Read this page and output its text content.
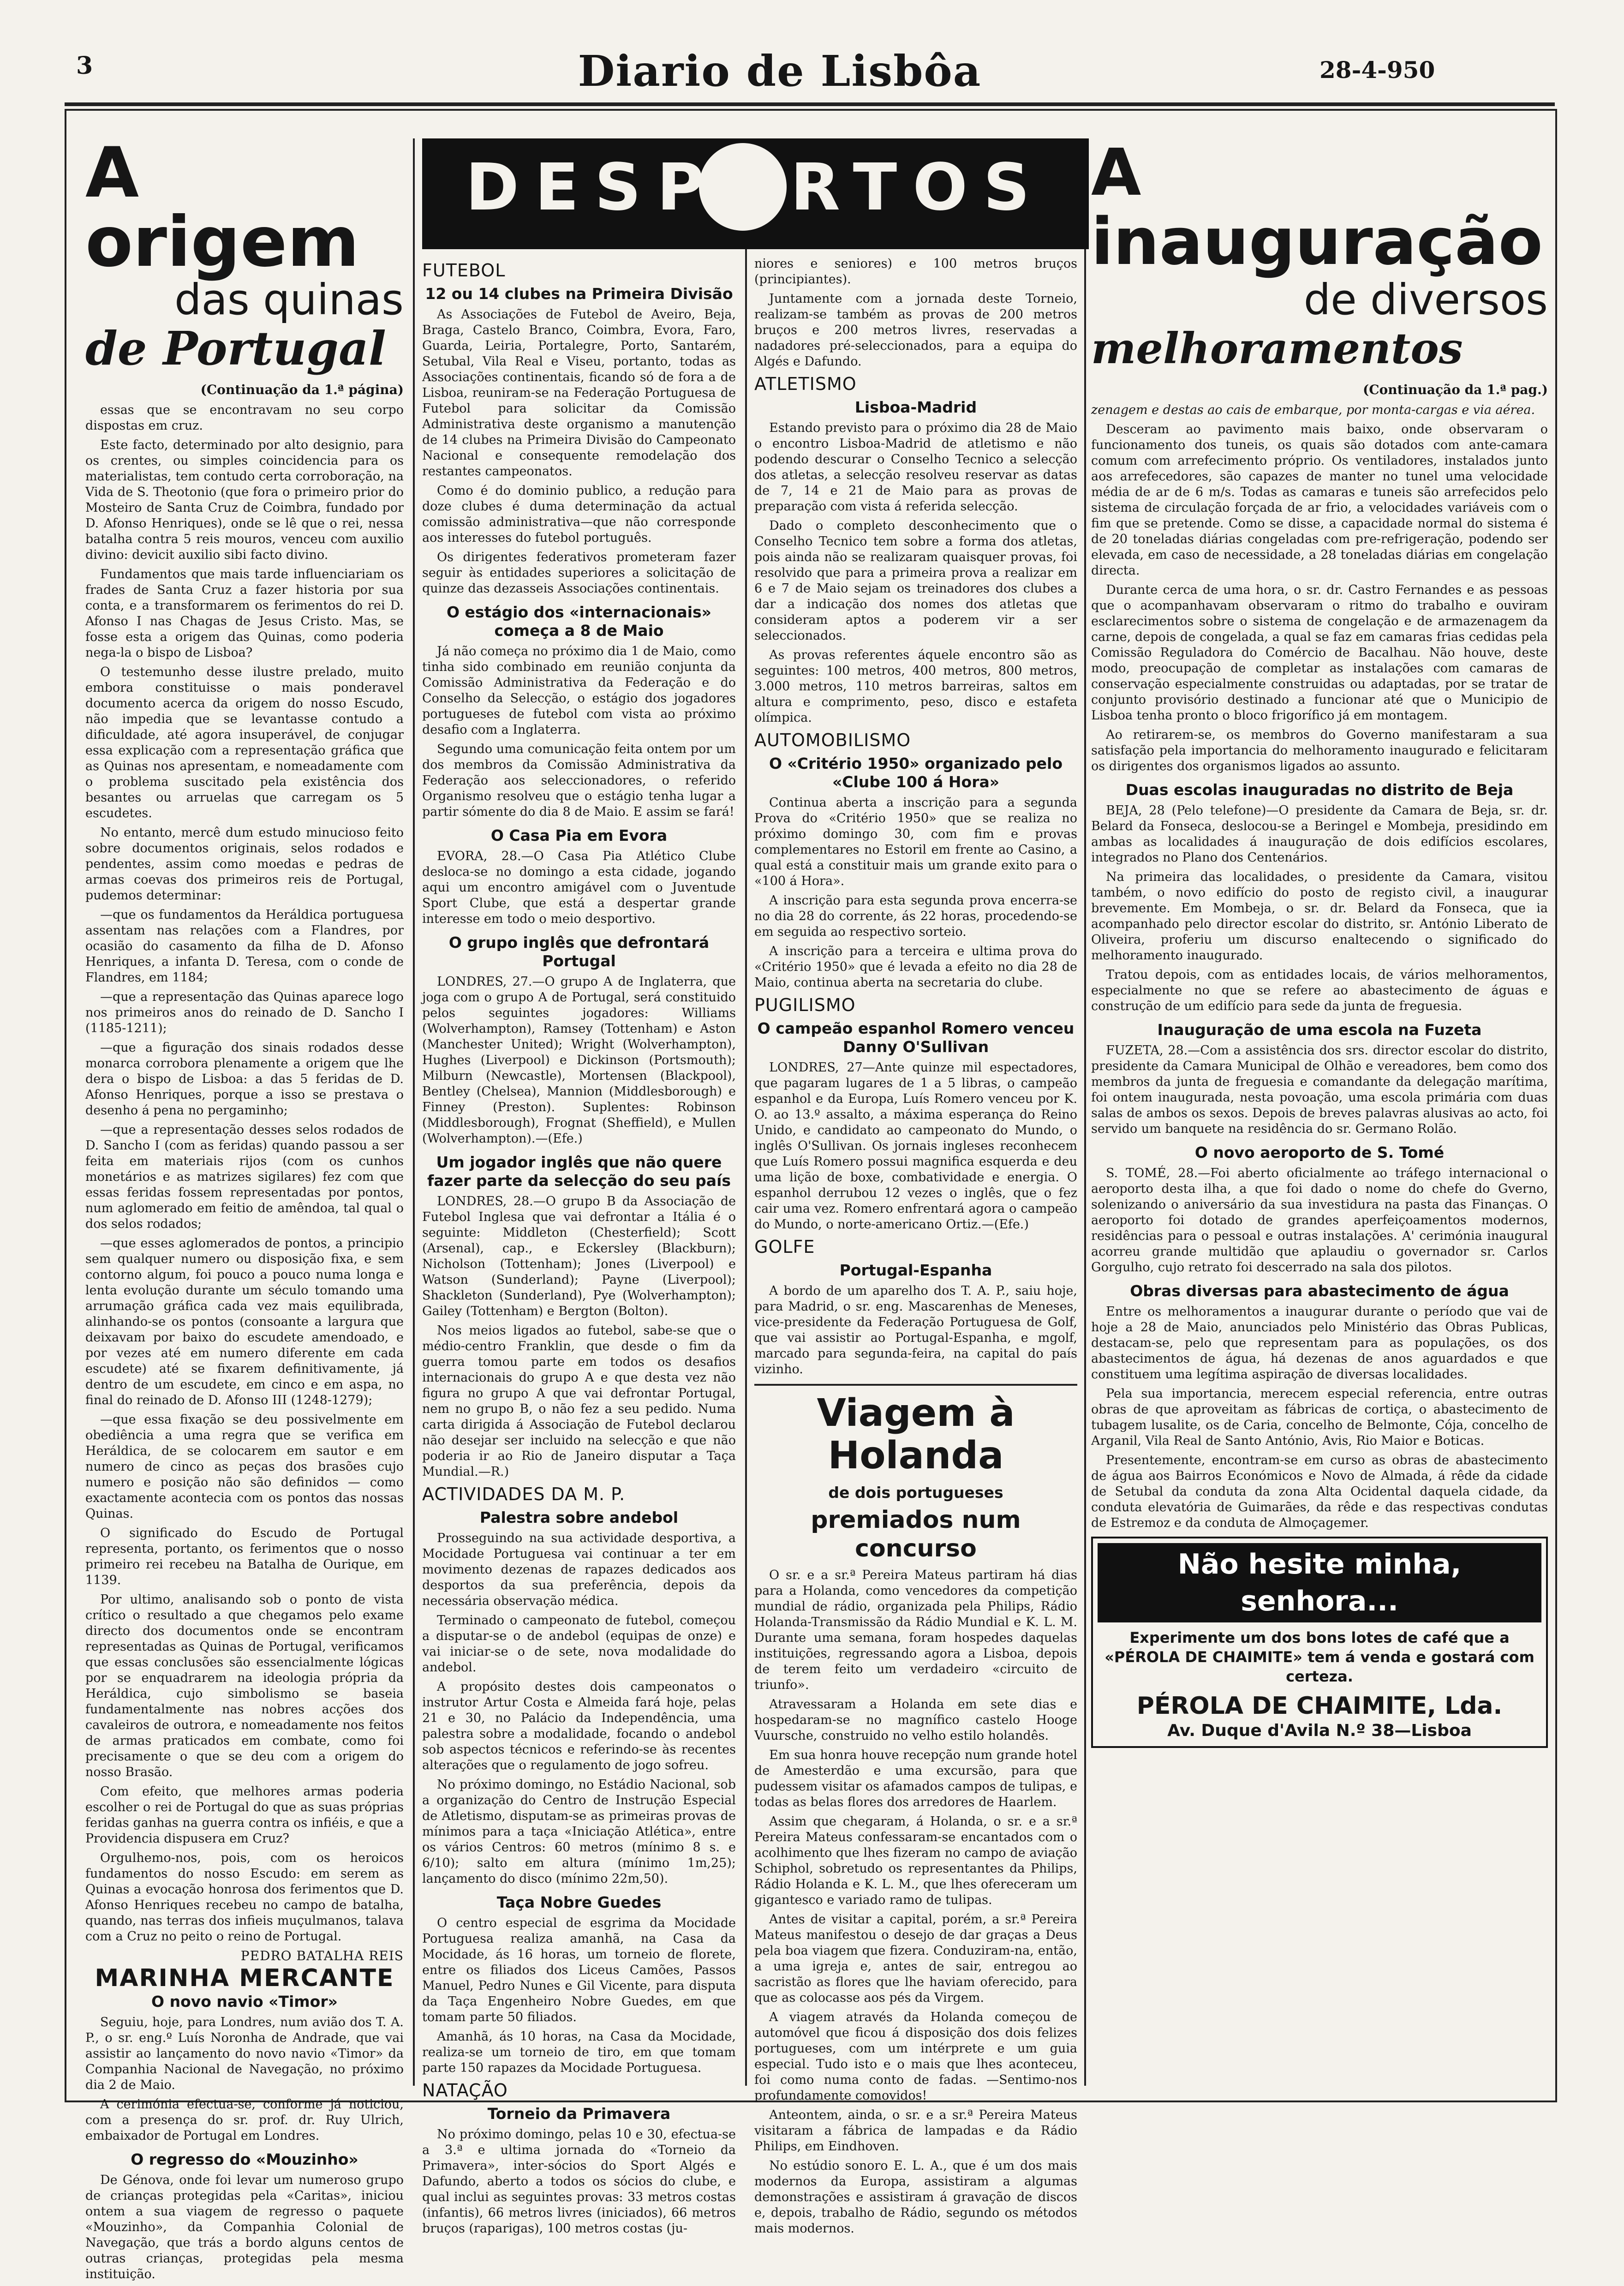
3	Diario de Lisbôa	28-4-950
A origem
das quinas
de Portugal
(Continuação da 1.ª página)

essas que se encontravam no seu corpo dispostas em cruz.

Este facto, determinado por alto designio, para os crentes, ou simples coincidencia para os materialistas, tem contudo certa corroboração, na Vida de S. Theotonio (que fora o primeiro prior do Mosteiro de Santa Cruz de Coimbra, fundado por D. Afonso Henriques), onde se lê que o rei, nessa batalha contra 5 reis mouros, venceu com auxilio divino: devicit auxilio sibi facto divino.

Fundamentos que mais tarde influenciariam os frades de Santa Cruz a fazer historia por sua conta, e a transformarem os ferimentos do rei D. Afonso I nas Chagas de Jesus Cristo. Mas, se fosse esta a origem das Quinas, como poderia nega-la o bispo de Lisboa?

O testemunho desse ilustre prelado, muito embora constituisse o mais ponderavel documento acerca da origem do nosso Escudo, não impedia que se levantasse contudo a dificuldade, até agora insuperável, de conjugar essa explicação com a representação gráfica que as Quinas nos apresentam, e nomeadamente com o problema suscitado pela existência dos besantes ou arruelas que carregam os 5 escudetes.

No entanto, mercê dum estudo minucioso feito sobre documentos originais, selos rodados e pendentes, assim como moedas e pedras de armas coevas dos primeiros reis de Portugal, pudemos determinar:

—que os fundamentos da Heráldica portuguesa assentam nas relações com a Flandres, por ocasião do casamento da filha de D. Afonso Henriques, a infanta D. Teresa, com o conde de Flandres, em 1184;

—que a representação das Quinas aparece logo nos primeiros anos do reinado de D. Sancho I (1185-1211);

—que a figuração dos sinais rodados desse monarca corrobora plenamente a origem que lhe dera o bispo de Lisboa: a das 5 feridas de D. Afonso Henriques, porque a isso se prestava o desenho á pena no pergaminho;

—que a representação desses selos rodados de D. Sancho I (com as feridas) quando passou a ser feita em materiais rijos (com os cunhos monetários e as matrizes sigilares) fez com que essas feridas fossem representadas por pontos, num aglomerado em feitio de amêndoa, tal qual o dos selos rodados;

—que esses aglomerados de pontos, a principio sem qualquer numero ou disposição fixa, e sem contorno algum, foi pouco a pouco numa longa e lenta evolução durante um século tomando uma arrumação gráfica cada vez mais equilibrada, alinhando-se os pontos (consoante a largura que deixavam por baixo do escudete amendoado, e por vezes até em numero diferente em cada escudete) até se fixarem definitivamente, já dentro de um escudete, em cinco e em aspa, no final do reinado de D. Afonso III (1248-1279);

—que essa fixação se deu possivelmente em obediência a uma regra que se verifica em Heráldica, de se colocarem em sautor e em numero de cinco as peças dos brasões cujo numero e posição não são definidos — como exactamente acontecia com os pontos das nossas Quinas.

O significado do Escudo de Portugal representa, portanto, os ferimentos que o nosso primeiro rei recebeu na Batalha de Ourique, em 1139.

Por ultimo, analisando sob o ponto de vista crítico o resultado a que chegamos pelo exame directo dos documentos onde se encontram representadas as Quinas de Portugal, verificamos que essas conclusões são essencialmente lógicas por se enquadrarem na ideologia própria da Heráldica, cujo simbolismo se baseia fundamentalmente nas nobres acções dos cavaleiros de outrora, e nomeadamente nos feitos de armas praticados em combate, como foi precisamente o que se deu com a origem do nosso Brasão.

Com efeito, que melhores armas poderia escolher o rei de Portugal do que as suas próprias feridas ganhas na guerra contra os infiéis, e que a Providencia dispusera em Cruz?

Orgulhemo-nos, pois, com os heroicos fundamentos do nosso Escudo: em serem as Quinas a evocação honrosa dos ferimentos que D. Afonso Henriques recebeu no campo de batalha, quando, nas terras dos infieis muçulmanos, talava com a Cruz no peito o reino de Portugal.

PEDRO BATALHA REIS
MARINHA MERCANTE
O novo navio «Timor»

Seguiu, hoje, para Londres, num avião dos T. A. P., o sr. eng.º Luís Noronha de Andrade, que vai assistir ao lançamento do novo navio «Timor» da Companhia Nacional de Navegação, no próximo dia 2 de Maio.

A cerimónia efectua-se, conforme já noticiou, com a presença do sr. prof. dr. Ruy Ulrich, embaixador de Portugal em Londres.

O regresso do «Mouzinho»

De Génova, onde foi levar um numeroso grupo de crianças protegidas pela «Caritas», iniciou ontem a sua viagem de regresso o paquete «Mouzinho», da Companhia Colonial de Navegação, que trás a bordo alguns centos de outras crianças, protegidas pela mesma instituição.

DESPORTOS
FUTEBOL
12 ou 14 clubes na Primeira Divisão

As Associações de Futebol de Aveiro, Beja, Braga, Castelo Branco, Coimbra, Evora, Faro, Guarda, Leiria, Portalegre, Porto, Santarém, Setubal, Vila Real e Viseu, portanto, todas as Associações continentais, ficando só de fora a de Lisboa, reuniram-se na Federação Portuguesa de Futebol para solicitar da Comissão Administrativa deste organismo a manutenção de 14 clubes na Primeira Divisão do Campeonato Nacional e consequente remodelação dos restantes campeonatos.

Como é do dominio publico, a redução para doze clubes é duma determinação da actual comissão administrativa—que não corresponde aos interesses do futebol português.

Os dirigentes federativos prometeram fazer seguir às entidades superiores a solicitação de quinze das dezasseis Associações continentais.

O estágio dos «internacionais» começa a 8 de Maio

Já não começa no próximo dia 1 de Maio, como tinha sido combinado em reunião conjunta da Comissão Administrativa da Federação e do Conselho da Selecção, o estágio dos jogadores portugueses de futebol com vista ao próximo desafio com a Inglaterra.

Segundo uma comunicação feita ontem por um dos membros da Comissão Administrativa da Federação aos seleccionadores, o referido Organismo resolveu que o estágio tenha lugar a partir sómente do dia 8 de Maio. E assim se fará!

O Casa Pia em Evora

EVORA, 28.—O Casa Pia Atlético Clube desloca-se no domingo a esta cidade, jogando aqui um encontro amigável com o Juventude Sport Clube, que está a despertar grande interesse em todo o meio desportivo.

O grupo inglês que defrontará Portugal

LONDRES, 27.—O grupo A de Inglaterra, que joga com o grupo A de Portugal, será constituido pelos seguintes jogadores: Williams (Wolverhampton), Ramsey (Tottenham) e Aston (Manchester United); Wright (Wolverhampton), Hughes (Liverpool) e Dickinson (Portsmouth); Milburn (Newcastle), Mortensen (Blackpool), Bentley (Chelsea), Mannion (Middlesborough) e Finney (Preston). Suplentes: Robinson (Middlesborough), Frognat (Sheffield), e Mullen (Wolverhampton).—(Efe.)

Um jogador inglês que não quere fazer parte da selecção do seu país

LONDRES, 28.—O grupo B da Associação de Futebol Inglesa que vai defrontar a Itália é o seguinte: Middleton (Chesterfield); Scott (Arsenal), cap., e Eckersley (Blackburn); Nicholson (Tottenham); Jones (Liverpool) e Watson (Sunderland); Payne (Liverpool); Shackleton (Sunderland), Pye (Wolverhampton); Gailey (Tottenham) e Bergton (Bolton).

Nos meios ligados ao futebol, sabe-se que o médio-centro Franklin, que desde o fim da guerra tomou parte em todos os desafios internacionais do grupo A e que desta vez não figura no grupo A que vai defrontar Portugal, nem no grupo B, o não fez a seu pedido. Numa carta dirigida á Associação de Futebol declarou não desejar ser incluido na selecção e que não poderia ir ao Rio de Janeiro disputar a Taça Mundial.—R.)

ACTIVIDADES DA M. P.
Palestra sobre andebol

Prosseguindo na sua actividade desportiva, a Mocidade Portuguesa vai continuar a ter em movimento dezenas de rapazes dedicados aos desportos da sua preferência, depois da necessária observação médica.

Terminado o campeonato de futebol, começou a disputar-se o de andebol (equipas de onze) e vai iniciar-se o de sete, nova modalidade do andebol.

A propósito destes dois campeonatos o instrutor Artur Costa e Almeida fará hoje, pelas 21 e 30, no Palácio da Independência, uma palestra sobre a modalidade, focando o andebol sob aspectos técnicos e referindo-se às recentes alterações que o regulamento de jogo sofreu.

No próximo domingo, no Estádio Nacional, sob a organização do Centro de Instrução Especial de Atletismo, disputam-se as primeiras provas de mínimos para a taça «Iniciação Atlética», entre os vários Centros: 60 metros (mínimo 8 s. e 6/10); salto em altura (mínimo 1m,25); lançamento do disco (mínimo 22m,50).

Taça Nobre Guedes

O centro especial de esgrima da Mocidade Portuguesa realiza amanhã, na Casa da Mocidade, ás 16 horas, um torneio de florete, entre os filiados dos Liceus Camões, Passos Manuel, Pedro Nunes e Gil Vicente, para disputa da Taça Engenheiro Nobre Guedes, em que tomam parte 50 filiados.

Amanhã, ás 10 horas, na Casa da Mocidade, realiza-se um torneio de tiro, em que tomam parte 150 rapazes da Mocidade Portuguesa.

NATAÇÃO
Torneio da Primavera

No próximo domingo, pelas 10 e 30, efectua-se a 3.ª e ultima jornada do «Torneio da Primavera», inter-sócios do Sport Algés e Dafundo, aberto a todos os sócios do clube, e qual inclui as seguintes provas: 33 metros costas (infantis), 66 metros livres (iniciados), 66 metros bruços (raparigas), 100 metros costas (ju-

niores e seniores) e 100 metros bruços (principiantes).

Juntamente com a jornada deste Torneio, realizam-se também as provas de 200 metros bruços e 200 metros livres, reservadas a nadadores pré-seleccionados, para a equipa do Algés e Dafundo.

ATLETISMO
Lisboa-Madrid

Estando previsto para o próximo dia 28 de Maio o encontro Lisboa-Madrid de atletismo e não podendo descurar o Conselho Tecnico a selecção dos atletas, a selecção resolveu reservar as datas de 7, 14 e 21 de Maio para as provas de preparação com vista á referida selecção.

Dado o completo desconhecimento que o Conselho Tecnico tem sobre a forma dos atletas, pois ainda não se realizaram quaisquer provas, foi resolvido que para a primeira prova a realizar em 6 e 7 de Maio sejam os treinadores dos clubes a dar a indicação dos nomes dos atletas que consideram aptos a poderem vir a ser seleccionados.

As provas referentes áquele encontro são as seguintes: 100 metros, 400 metros, 800 metros, 3.000 metros, 110 metros barreiras, saltos em altura e comprimento, peso, disco e estafeta olímpica.

AUTOMOBILISMO
O «Critério 1950» organizado pelo «Clube 100 á Hora»

Continua aberta a inscrição para a segunda Prova do «Critério 1950» que se realiza no próximo domingo 30, com fim e provas complementares no Estoril em frente ao Casino, a qual está a constituir mais um grande exito para o «100 á Hora».

A inscrição para esta segunda prova encerra-se no dia 28 do corrente, ás 22 horas, procedendo-se em seguida ao respectivo sorteio.

A inscrição para a terceira e ultima prova do «Critério 1950» que é levada a efeito no dia 28 de Maio, continua aberta na secretaria do clube.

PUGILISMO
O campeão espanhol Romero venceu Danny O'Sullivan

LONDRES, 27—Ante quinze mil espectadores, que pagaram lugares de 1 a 5 libras, o campeão espanhol e da Europa, Luís Romero venceu por K. O. ao 13.º assalto, a máxima esperança do Reino Unido, e candidato ao campeonato do Mundo, o inglês O'Sullivan. Os jornais ingleses reconhecem que Luís Romero possui magnifica esquerda e deu uma lição de boxe, combatividade e energia. O espanhol derrubou 12 vezes o inglês, que o fez cair uma vez. Romero enfrentará agora o campeão do Mundo, o norte-americano Ortiz.—(Efe.)

GOLFE
Portugal-Espanha

A bordo de um aparelho dos T. A. P., saiu hoje, para Madrid, o sr. eng. Mascarenhas de Meneses, vice-presidente da Federação Portuguesa de Golf, que vai assistir ao Portugal-Espanha, e mgolf, marcado para segunda-feira, na capital do país vizinho.

Viagem à Holanda
de dois portugueses
premiados num concurso

O sr. e a sr.ª Pereira Mateus partiram há dias para a Holanda, como vencedores da competição mundial de rádio, organizada pela Philips, Rádio Holanda-Transmissão da Rádio Mundial e K. L. M. Durante uma semana, foram hospedes daquelas instituições, regressando agora a Lisboa, depois de terem feito um verdadeiro «circuito de triunfo».

Atravessaram a Holanda em sete dias e hospedaram-se no magnífico castelo Hooge Vuursche, construido no velho estilo holandês.

Em sua honra houve recepção num grande hotel de Amesterdão e uma excursão, para que pudessem visitar os afamados campos de tulipas, e todas as belas flores dos arredores de Haarlem.

Assim que chegaram, á Holanda, o sr. e a sr.ª Pereira Mateus confessaram-se encantados com o acolhimento que lhes fizeram no campo de aviação Schiphol, sobretudo os representantes da Philips, Rádio Holanda e K. L. M., que lhes ofereceram um gigantesco e variado ramo de tulipas.

Antes de visitar a capital, porém, a sr.ª Pereira Mateus manifestou o desejo de dar graças a Deus pela boa viagem que fizera. Conduziram-na, então, a uma igreja e, antes de sair, entregou ao sacristão as flores que lhe haviam oferecido, para que as colocasse aos pés da Virgem.

A viagem através da Holanda começou de automóvel que ficou á disposição dos dois felizes portugueses, com um intérprete e um guia especial. Tudo isto e o mais que lhes aconteceu, foi como numa conto de fadas. —Sentimo-nos profundamente comovidos!

Anteontem, ainda, o sr. e a sr.ª Pereira Mateus visitaram a fábrica de lampadas e da Rádio Philips, em Eindhoven.

No estúdio sonoro E. L. A., que é um dos mais modernos da Europa, assistiram a algumas demonstrações e assistiram á gravação de discos e, depois, trabalho de Rádio, segundo os métodos mais modernos.

A inauguração
de diversos
melhoramentos
(Continuação da 1.ª pag.)

zenagem e destas ao cais de embarque, por monta-cargas e via aérea.

Desceram ao pavimento mais baixo, onde observaram o funcionamento dos tuneis, os quais são dotados com ante-camara comum com arrefecimento próprio. Os ventiladores, instalados junto aos arrefecedores, são capazes de manter no tunel uma velocidade média de ar de 6 m/s. Todas as camaras e tuneis são arrefecidos pelo sistema de circulação forçada de ar frio, a velocidades variáveis com o fim que se pretende. Como se disse, a capacidade normal do sistema é de 20 toneladas diárias congeladas com pre-refrigeração, podendo ser elevada, em caso de necessidade, a 28 toneladas diárias em congelação directa.

Durante cerca de uma hora, o sr. dr. Castro Fernandes e as pessoas que o acompanhavam observaram o ritmo do trabalho e ouviram esclarecimentos sobre o sistema de congelação e de armazenagem da carne, depois de congelada, a qual se faz em camaras frias cedidas pela Comissão Reguladora do Comércio de Bacalhau. Não houve, deste modo, preocupação de completar as instalações com camaras de conservação especialmente construidas ou adaptadas, por se tratar de conjunto provisório destinado a funcionar até que o Municipio de Lisboa tenha pronto o bloco frigorífico já em montagem.

Ao retirarem-se, os membros do Governo manifestaram a sua satisfação pela importancia do melhoramento inaugurado e felicitaram os dirigentes dos organismos ligados ao assunto.

Duas escolas inauguradas no distrito de Beja

BEJA, 28 (Pelo telefone)—O presidente da Camara de Beja, sr. dr. Belard da Fonseca, deslocou-se a Beringel e Mombeja, presidindo em ambas as localidades á inauguração de dois edifícios escolares, integrados no Plano dos Centenários.

Na primeira das localidades, o presidente da Camara, visitou também, o novo edifício do posto de registo civil, a inaugurar brevemente. Em Mombeja, o sr. dr. Belard da Fonseca, que ia acompanhado pelo director escolar do distrito, sr. António Liberato de Oliveira, proferiu um discurso enaltecendo o significado do melhoramento inaugurado.

Tratou depois, com as entidades locais, de vários melhoramentos, especialmente no que se refere ao abastecimento de águas e construção de um edifício para sede da junta de freguesia.

Inauguração de uma escola na Fuzeta

FUZETA, 28.—Com a assistência dos srs. director escolar do distrito, presidente da Camara Municipal de Olhão e vereadores, bem como dos membros da junta de freguesia e comandante da delegação marítima, foi ontem inaugurada, nesta povoação, uma escola primária com duas salas de ambos os sexos. Depois de breves palavras alusivas ao acto, foi servido um banquete na residência do sr. Germano Rolão.

O novo aeroporto de S. Tomé

S. TOMÉ, 28.—Foi aberto oficialmente ao tráfego internacional o aeroporto desta ilha, a que foi dado o nome do chefe do Gverno, solenizando o aniversário da sua investidura na pasta das Finanças. O aeroporto foi dotado de grandes aperfeiçoamentos modernos, residências para o pessoal e outras instalações. A' cerimónia inaugural acorreu grande multidão que aplaudiu o governador sr. Carlos Gorgulho, cujo retrato foi descerrado na sala dos pilotos.

Obras diversas para abastecimento de água

Entre os melhoramentos a inaugurar durante o período que vai de hoje a 28 de Maio, anunciados pelo Ministério das Obras Publicas, destacam-se, pelo que representam para as populações, os dos abastecimentos de água, há dezenas de anos aguardados e que constituem uma legítima aspiração de diversas localidades.

Pela sua importancia, merecem especial referencia, entre outras obras de que aproveitam as fábricas de cortiça, o abastecimento de tubagem lusalite, os de Caria, concelho de Belmonte, Cója, concelho de Arganil, Vila Real de Santo António, Avis, Rio Maior e Boticas.

Presentemente, encontram-se em curso as obras de abastecimento de água aos Bairros Económicos e Novo de Almada, á rêde da cidade de Setubal da conduta da zona Alta Ocidental daquela cidade, da conduta elevatória de Guimarães, da rêde e das respectivas condutas de Estremoz e da conduta de Almoçagemer.

Não hesite minha, senhora...
Experimente um dos bons lotes de café que a «PÉROLA DE CHAIMITE» tem á venda e gostará com certeza.
PÉROLA DE CHAIMITE, Lda.
Av. Duque d'Avila N.º 38—Lisboa
